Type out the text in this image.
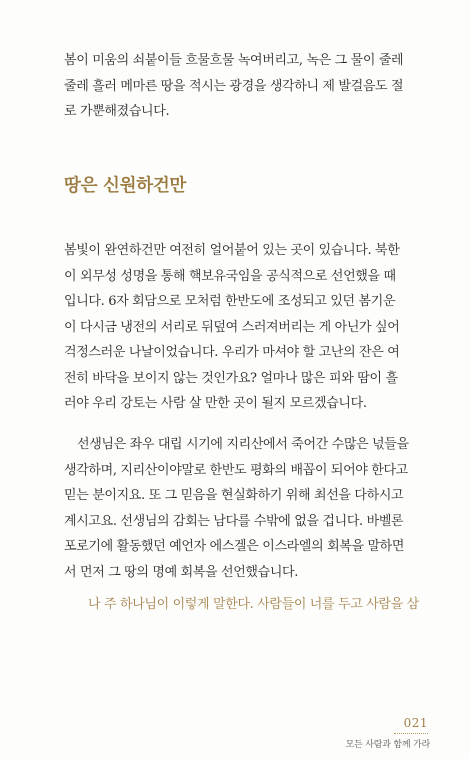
봄이 미움의 쇠붙이들 흐물흐물 녹여버리고, 녹은 그 물이 줄레
줄레 흘러 메마른 땅을 적시는 광경을 생각하니 제 발걸음도 절
로 가뿐해졌습니다.

땅은 신원하건만

봄빛이 완연하건만 여전히 얼어붙어 있는 곳이 있습니다. 북한
이 외무성 성명을 통해 핵보유국임을 공식적으로 선언했을 때
입니다. 6자 회담으로 모처럼 한반도에 조성되고 있던 봄기운
이 다시금 냉전의 서리로 뒤덮여 스러져버리는 게 아닌가 싶어
걱정스러운 나날이었습니다. 우리가 마셔야 할 고난의 잔은 여
전히 바닥을 보이지 않는 것인가요? 얼마나 많은 피와 땀이 흘
러야 우리 강토는 사람 살 만한 곳이 될지 모르겠습니다.

선생님은 좌우 대립 시기에 지리산에서 죽어간 수많은 넋들을
생각하며, 지리산이야말로 한반도 평화의 배꼽이 되어야 한다고
믿는 분이지요. 또 그 믿음을 현실화하기 위해 최선을 다하시고
계시고요. 선생님의 감회는 남다를 수밖에 없을 겁니다. 바벨론
포로기에 활동했던 예언자 에스겔은 이스라엘의 회복을 말하면
서 먼저 그 땅의 명예 회복을 선언했습니다.

나 주 하나님이 이렇게 말한다. 사람들이 너를 두고 사람을 삼

021
모든 사람과 함께 가라
